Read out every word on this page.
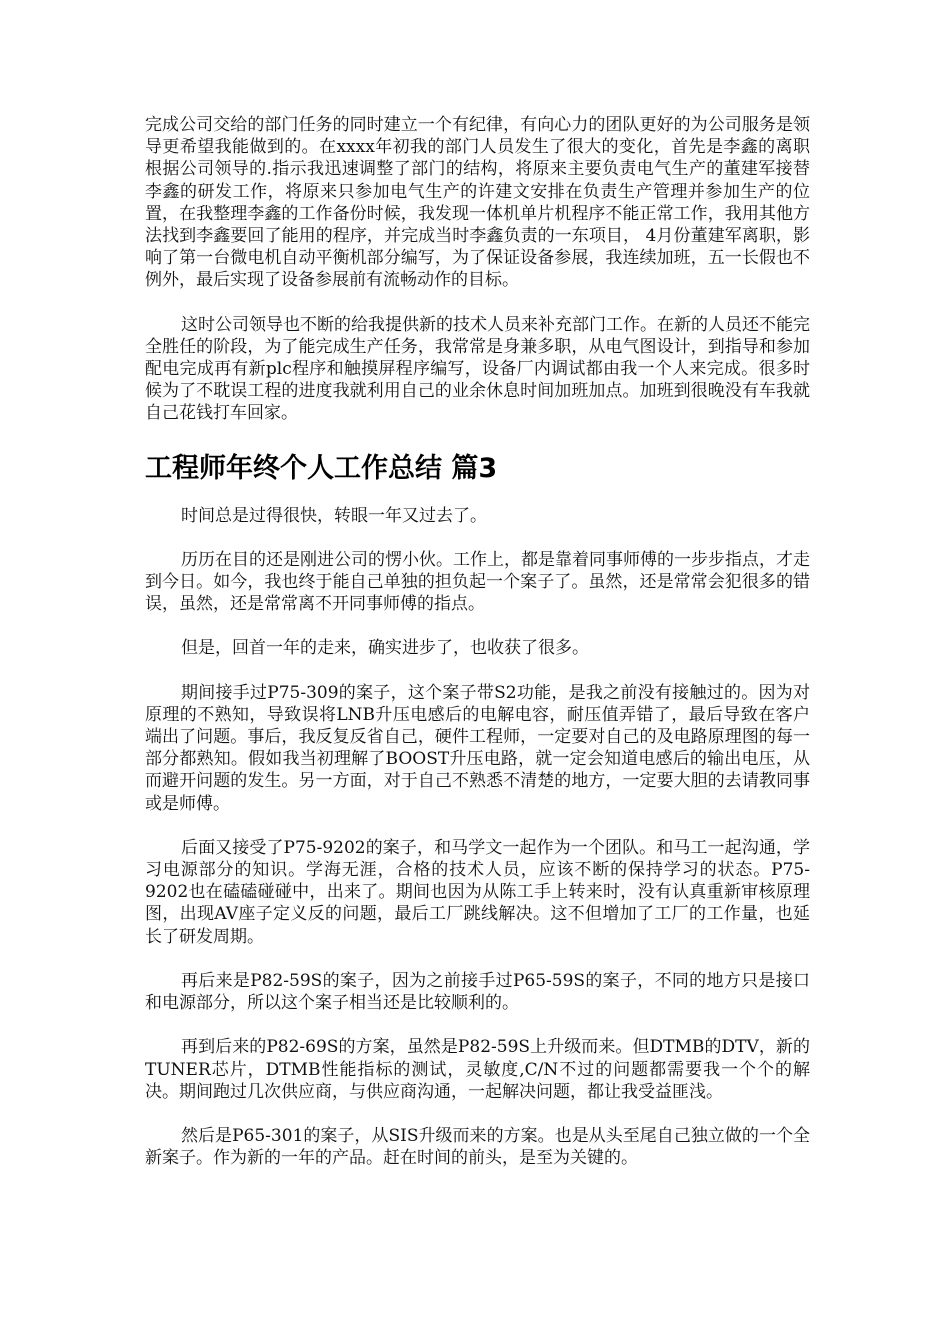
完成公司交给的部门任务的同时建立一个有纪律，有向心力的团队更好的为公司服务是领导更希望我能做到的。在xxxx年初我的部门人员发生了很大的变化，首先是李鑫的离职根据公司领导的.指示我迅速调整了部门的结构，将原来主要负责电气生产的董建军接替李鑫的研发工作，将原来只参加电气生产的许建文安排在负责生产管理并参加生产的位置，在我整理李鑫的工作备份时候，我发现一体机单片机程序不能正常工作，我用其他方法找到李鑫要回了能用的程序，并完成当时李鑫负责的一东项目， 4月份董建军离职，影响了第一台微电机自动平衡机部分编写，为了保证设备参展，我连续加班，五一长假也不例外，最后实现了设备参展前有流畅动作的目标。

这时公司领导也不断的给我提供新的技术人员来补充部门工作。在新的人员还不能完全胜任的阶段，为了能完成生产任务，我常常是身兼多职，从电气图设计，到指导和参加配电完成再有新plc程序和触摸屏程序编写，设备厂内调试都由我一个人来完成。很多时候为了不耽误工程的进度我就利用自己的业余休息时间加班加点。加班到很晚没有车我就自己花钱打车回家。

工程师年终个人工作总结 篇3

时间总是过得很快，转眼一年又过去了。

历历在目的还是刚进公司的愣小伙。工作上，都是靠着同事师傅的一步步指点，才走到今日。如今，我也终于能自己单独的担负起一个案子了。虽然，还是常常会犯很多的错误，虽然，还是常常离不开同事师傅的指点。

但是，回首一年的走来，确实进步了，也收获了很多。

期间接手过P75-309的案子，这个案子带S2功能，是我之前没有接触过的。因为对原理的不熟知，导致误将LNB升压电感后的电解电容，耐压值弄错了，最后导致在客户端出了问题。事后，我反复反省自己，硬件工程师，一定要对自己的及电路原理图的每一部分都熟知。假如我当初理解了BOOST升压电路，就一定会知道电感后的输出电压，从而避开问题的发生。另一方面，对于自己不熟悉不清楚的地方，一定要大胆的去请教同事或是师傅。

后面又接受了P75-9202的案子，和马学文一起作为一个团队。和马工一起沟通，学习电源部分的知识。学海无涯，合格的技术人员，应该不断的保持学习的状态。P75-9202也在磕磕碰碰中，出来了。期间也因为从陈工手上转来时，没有认真重新审核原理图，出现AV座子定义反的问题，最后工厂跳线解决。这不但增加了工厂的工作量，也延长了研发周期。

再后来是P82-59S的案子，因为之前接手过P65-59S的案子，不同的地方只是接口和电源部分，所以这个案子相当还是比较顺利的。

再到后来的P82-69S的方案，虽然是P82-59S上升级而来。但DTMB的DTV，新的TUNER芯片，DTMB性能指标的测试，灵敏度,C/N不过的问题都需要我一个个的解决。期间跑过几次供应商，与供应商沟通，一起解决问题，都让我受益匪浅。

然后是P65-301的案子，从SIS升级而来的方案。也是从头至尾自己独立做的一个全新案子。作为新的一年的产品。赶在时间的前头，是至为关键的。
